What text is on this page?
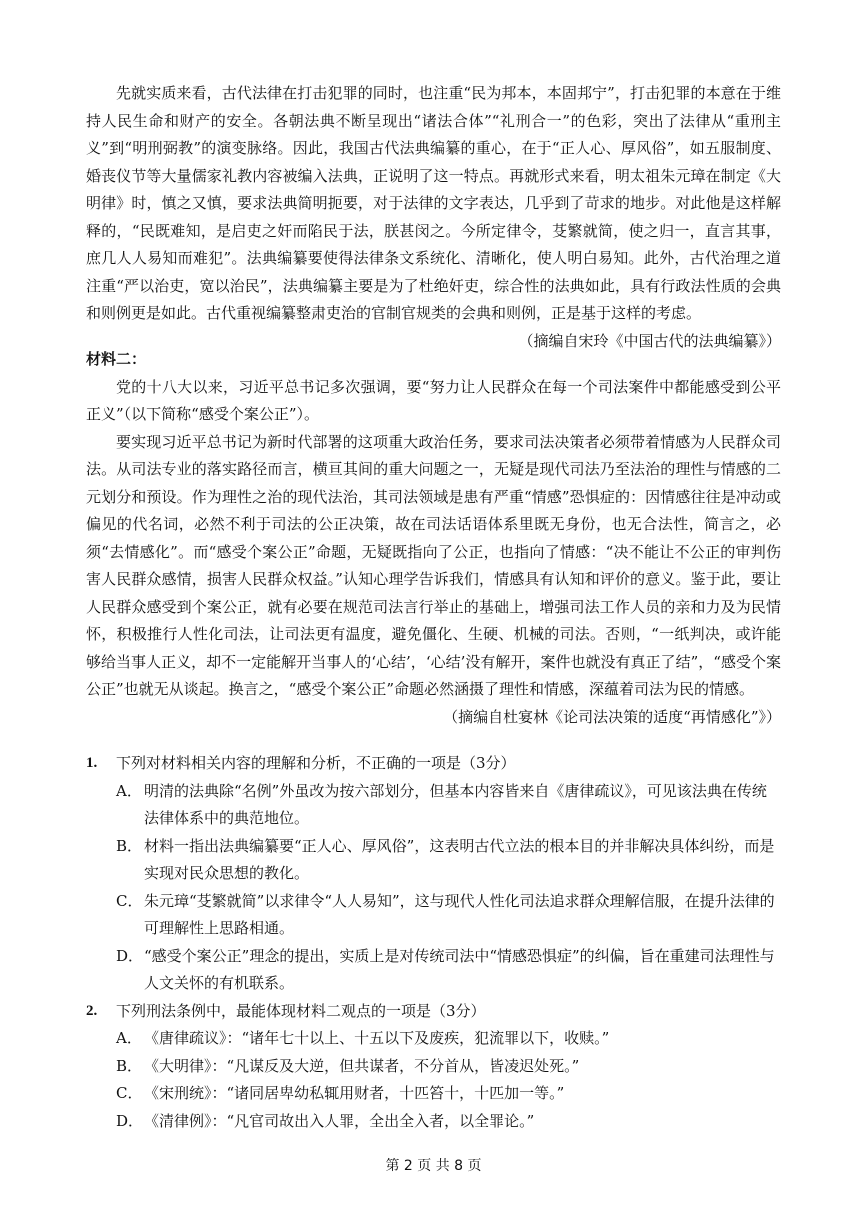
先就实质来看，古代法律在打击犯罪的同时，也注重“民为邦本，本固邦宁”，打击犯罪的本意在于维持人民生命和财产的安全。各朝法典不断呈现出“诸法合体”“礼刑合一”的色彩，突出了法律从“重刑主义”到“明刑弼教”的演变脉络。因此，我国古代法典编纂的重心，在于“正人心、厚风俗”，如五服制度、婚丧仪节等大量儒家礼教内容被编入法典，正说明了这一特点。再就形式来看，明太祖朱元璋在制定《大明律》时，慎之又慎，要求法典简明扼要，对于法律的文字表达，几乎到了苛求的地步。对此他是这样解释的，“民既难知，是启吏之奸而陷民于法，朕甚闵之。今所定律令，芟繁就简，使之归一，直言其事，庶几人人易知而难犯”。法典编纂要使得法律条文系统化、清晰化，使人明白易知。此外，古代治理之道注重“严以治吏，宽以治民”，法典编纂主要是为了杜绝奸吏，综合性的法典如此，具有行政法性质的会典和则例更是如此。古代重视编纂整肃吏治的官制官规类的会典和则例，正是基于这样的考虑。

（摘编自宋玲《中国古代的法典编纂》）

材料二：

党的十八大以来，习近平总书记多次强调，要“努力让人民群众在每一个司法案件中都能感受到公平正义”（以下简称“感受个案公正”）。

要实现习近平总书记为新时代部署的这项重大政治任务，要求司法决策者必须带着情感为人民群众司法。从司法专业的落实路径而言，横亘其间的重大问题之一，无疑是现代司法乃至法治的理性与情感的二元划分和预设。作为理性之治的现代法治，其司法领域是患有严重“情感”恐惧症的：因情感往往是冲动或偏见的代名词，必然不利于司法的公正决策，故在司法话语体系里既无身份，也无合法性，简言之，必须“去情感化”。而“感受个案公正”命题，无疑既指向了公正，也指向了情感：“决不能让不公正的审判伤害人民群众感情，损害人民群众权益。”认知心理学告诉我们，情感具有认知和评价的意义。鉴于此，要让人民群众感受到个案公正，就有必要在规范司法言行举止的基础上，增强司法工作人员的亲和力及为民情怀，积极推行人性化司法，让司法更有温度，避免僵化、生硬、机械的司法。否则，“一纸判决，或许能够给当事人正义，却不一定能解开当事人的‘心结’，‘心结’没有解开，案件也就没有真正了结”，“感受个案公正”也就无从谈起。换言之，“感受个案公正”命题必然涵摄了理性和情感，深蕴着司法为民的情感。

（摘编自杜宴林《论司法决策的适度“再情感化”》）

1. 下列对材料相关内容的理解和分析，不正确的一项是（3分）
A． 明清的法典除“名例”外虽改为按六部划分，但基本内容皆来自《唐律疏议》，可见该法典在传统法律体系中的典范地位。
B． 材料一指出法典编纂要“正人心、厚风俗”，这表明古代立法的根本目的并非解决具体纠纷，而是实现对民众思想的教化。
C． 朱元璋“芟繁就简”以求律令“人人易知”，这与现代人性化司法追求群众理解信服，在提升法律的可理解性上思路相通。
D． “感受个案公正”理念的提出，实质上是对传统司法中“情感恐惧症”的纠偏，旨在重建司法理性与人文关怀的有机联系。
2. 下列刑法条例中，最能体现材料二观点的一项是（3分）
A． 《唐律疏议》：“诸年七十以上、十五以下及废疾，犯流罪以下，收赎。”
B． 《大明律》：“凡谋反及大逆，但共谋者，不分首从，皆凌迟处死。”
C． 《宋刑统》：“诸同居卑幼私辄用财者，十匹笞十，十匹加一等。”
D． 《清律例》：“凡官司故出入人罪，全出全入者，以全罪论。”
第 2 页 共 8 页
